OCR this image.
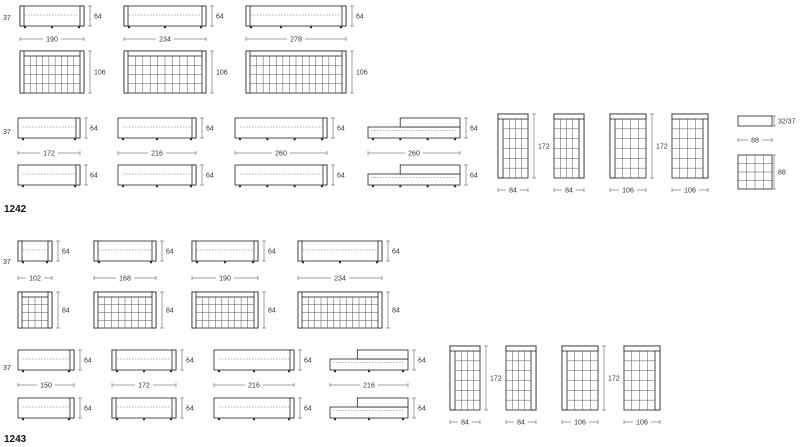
1242
1243
37	64
190
106
64
234
106
64
278
106
37	64
172
64
64
216
64
64
260
64
64
260
64
172
84	84
172
106	106
32/37
88
88
37
64
102
84
64
168
84
64
190
84
64
234
84
37
64
150
64
64
172
64
64
216
64
64
216
64
172
84	84
172
106	106
